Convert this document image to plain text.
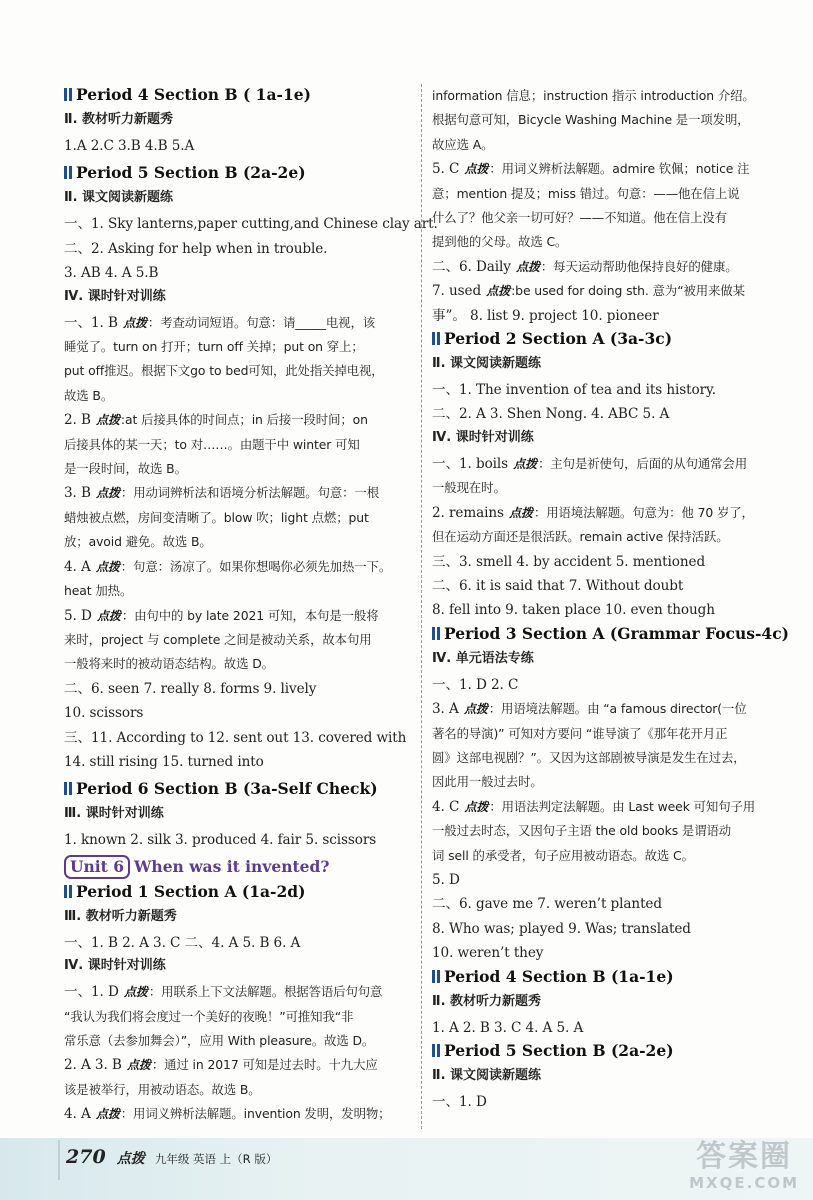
Period 4 Section B ( 1a-1e)
Ⅱ. 教材听力新题秀
1.A 2.C 3.B 4.B 5.A
Period 5 Section B (2a-2e)
Ⅱ. 课文阅读新题练
一、1. Sky lanterns,paper cutting,and Chinese clay art.
二、2. Asking for help when in trouble.
3. AB 4. A 5.B
Ⅳ. 课时针对训练
一、1. B 点拨：考查动词短语。句意：请_____电视，该
睡觉了。turn on 打开；turn off 关掉；put on 穿上；
put off推迟。根据下文go to bed可知，此处指关掉电视，
故选 B。
2. B 点拨:at 后接具体的时间点；in 后接一段时间；on
后接具体的某一天；to 对……。由题干中 winter 可知
是一段时间，故选 B。
3. B 点拨：用动词辨析法和语境分析法解题。句意：一根
蜡烛被点燃，房间变清晰了。blow 吹；light 点燃；put
放；avoid 避免。故选 B。
4. A 点拨：句意：汤凉了。如果你想喝你必须先加热一下。
heat 加热。
5. D 点拨：由句中的 by late 2021 可知，本句是一般将
来时，project 与 complete 之间是被动关系，故本句用
一般将来时的被动语态结构。故选 D。
二、6. seen 7. really 8. forms 9. lively
10. scissors
三、11. According to 12. sent out 13. covered with
14. still rising 15. turned into
Period 6 Section B (3a-Self Check)
Ⅲ. 课时针对训练
1. known 2. silk 3. produced 4. fair 5. scissors
Unit 6 When was it invented?
Period 1 Section A (1a-2d)
Ⅲ. 教材听力新题秀
一、1. B 2. A 3. C 二、4. A 5. B 6. A
Ⅳ. 课时针对训练
一、1. D 点拨：用联系上下文法解题。根据答语后句句意
“我认为我们将会度过一个美好的夜晚！”可推知我“非
常乐意（去参加舞会）”，应用 With pleasure。故选 D。
2. A 3. B 点拨：通过 in 2017 可知是过去时。十九大应
该是被举行，用被动语态。故选 B。
4. A 点拨：用词义辨析法解题。invention 发明，发明物；
information 信息；instruction 指示 introduction 介绍。
根据句意可知，Bicycle Washing Machine 是一项发明，
故应选 A。
5. C 点拨：用词义辨析法解题。admire 钦佩；notice 注
意；mention 提及；miss 错过。句意：——他在信上说
什么了？他父亲一切可好？——不知道。他在信上没有
提到他的父母。故选 C。
二、6. Daily 点拨：每天运动帮助他保持良好的健康。
7. used 点拨:be used for doing sth. 意为“被用来做某
事”。 8. list 9. project 10. pioneer
Period 2 Section A (3a-3c)
Ⅱ. 课文阅读新题练
一、1. The invention of tea and its history.
二、2. A 3. Shen Nong. 4. ABC 5. A
Ⅳ. 课时针对训练
一、1. boils 点拨：主句是祈使句，后面的从句通常会用
一般现在时。
2. remains 点拨：用语境法解题。句意为：他 70 岁了，
但在运动方面还是很活跃。remain active 保持活跃。
三、3. smell 4. by accident 5. mentioned
二、6. it is said that 7. Without doubt
8. fell into 9. taken place 10. even though
Period 3 Section A (Grammar Focus-4c)
Ⅳ. 单元语法专练
一、1. D 2. C
3. A 点拨：用语境法解题。由 “a famous director(一位
著名的导演)” 可知对方要问 “谁导演了《那年花开月正
圆》这部电视剧？”。又因为这部剧被导演是发生在过去，
因此用一般过去时。
4. C 点拨：用语法判定法解题。由 Last week 可知句子用
一般过去时态，又因句子主语 the old books 是谓语动
词 sell 的承受者，句子应用被动语态。故选 C。
5. D
二、6. gave me 7. weren’t planted
8. Who was; played 9. Was; translated
10. weren’t they
Period 4 Section B (1a-1e)
Ⅱ. 教材听力新题秀
1. A 2. B 3. C 4. A 5. A
Period 5 Section B (2a-2e)
Ⅱ. 课文阅读新题练
一、1. D
270 点拨 九年级 英语 上（R 版）	答案圈
MXQE.COM
